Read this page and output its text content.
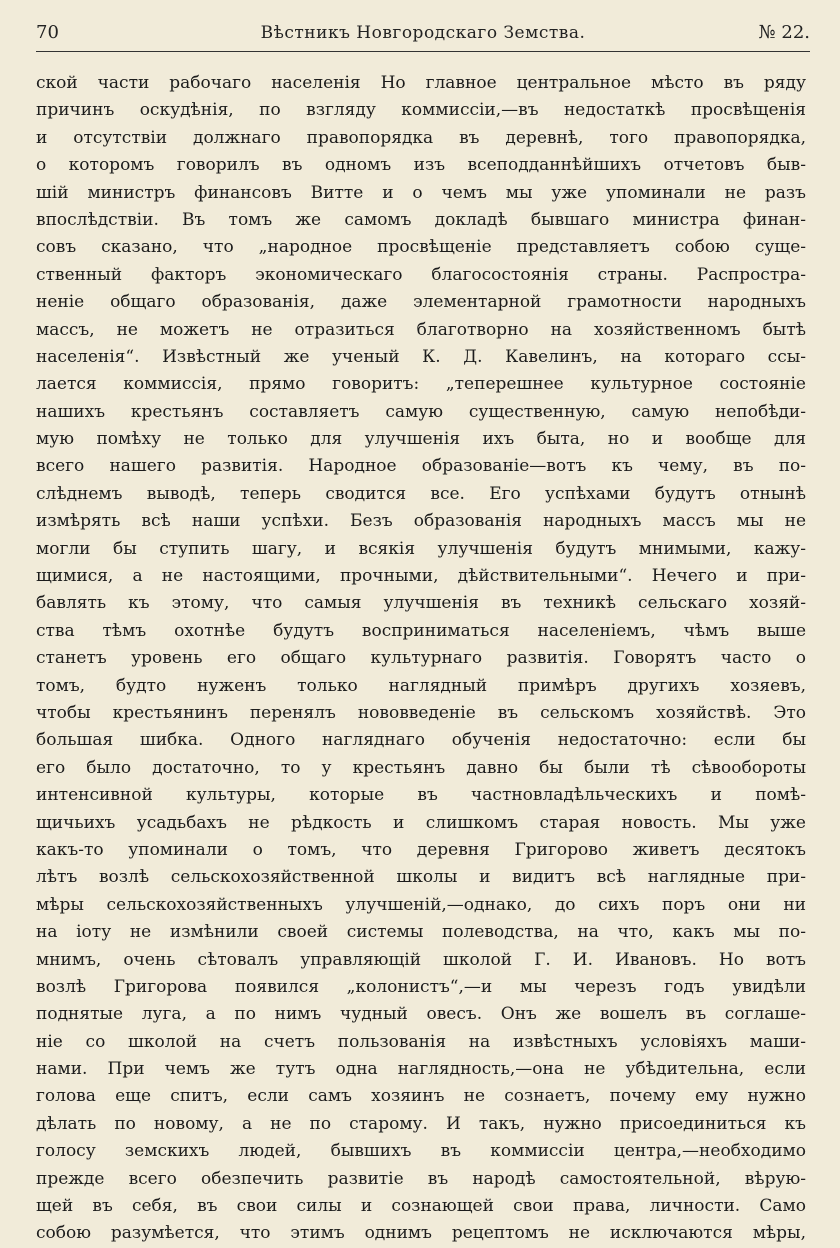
70	Вѣстникъ Новгородскаго Земства.	№ 22.
ской части рабочаго населенія Но главное центральное мѣсто въ ряду
причинъ оскудѣнія, по взгляду коммиссіи,—въ недостаткѣ просвѣщенія
и отсутствіи должнаго правопорядка въ деревнѣ, того правопорядка,
о которомъ говорилъ въ одномъ изъ всеподданнѣйшихъ отчетовъ быв-
шій министръ финансовъ Витте и о чемъ мы уже упоминали не разъ
впослѣдствіи. Въ томъ же самомъ докладѣ бывшаго министра финан-
совъ сказано, что „народное просвѣщеніе представляетъ собою суще-
ственный факторъ экономическаго благосостоянія страны. Распростра-
неніе общаго образованія, даже элементарной грамотности народныхъ
массъ, не можетъ не отразиться благотворно на хозяйственномъ бытѣ
населенія“. Извѣстный же ученый К. Д. Кавелинъ, на котораго ссы-
лается коммиссія, прямо говоритъ: „теперешнее культурное состояніе
нашихъ крестьянъ составляетъ самую существенную, самую непобѣди-
мую помѣху не только для улучшенія ихъ быта, но и вообще для
всего нашего развитія. Народное образованіе—вотъ къ чему, въ по-
слѣднемъ выводѣ, теперь сводится все. Его успѣхами будутъ отнынѣ
измѣрять всѣ наши успѣхи. Безъ образованія народныхъ массъ мы не
могли бы ступить шагу, и всякія улучшенія будутъ мнимыми, кажу-
щимися, а не настоящими, прочными, дѣйствительными“. Нечего и при-
бавлять къ этому, что самыя улучшенія въ техникѣ сельскаго хозяй-
ства тѣмъ охотнѣе будутъ восприниматься населеніемъ, чѣмъ выше
станетъ уровень его общаго культурнаго развитія. Говорятъ часто о
томъ, будто нуженъ только наглядный примѣръ другихъ хозяевъ,
чтобы крестьянинъ перенялъ нововведеніе въ сельскомъ хозяйствѣ. Это
большая шибка. Одного нагляднаго обученія недостаточно: если бы
его было достаточно, то у крестьянъ давно бы были тѣ сѣвообороты
интенсивной культуры, которые въ частновладѣльческихъ и помѣ-
щичьихъ усадьбахъ не рѣдкость и слишкомъ старая новость. Мы уже
какъ-то упоминали о томъ, что деревня Григорово живетъ десятокъ
лѣтъ возлѣ сельскохозяйственной школы и видитъ всѣ наглядные при-
мѣры сельскохозяйственныхъ улучшеній,—однако, до сихъ поръ они ни
на іоту не измѣнили своей системы полеводства, на что, какъ мы по-
мнимъ, очень сѣтовалъ управляющій школой Г. И. Ивановъ. Но вотъ
возлѣ Григорова появился „колонистъ“,—и мы черезъ годъ увидѣли
поднятые луга, а по нимъ чудный овесъ. Онъ же вошелъ въ соглаше-
ніе со школой на счетъ пользованія на извѣстныхъ условіяхъ маши-
нами. При чемъ же тутъ одна наглядность,—она не убѣдительна, если
голова еще спитъ, если самъ хозяинъ не сознаетъ, почему ему нужно
дѣлать по новому, а не по старому. И такъ, нужно присоединиться къ
голосу земскихъ людей, бывшихъ въ коммиссіи центра,—необходимо
прежде всего обезпечить развитіе въ народѣ самостоятельной, вѣрую-
щей въ себя, въ свои силы и сознающей свои права, личности. Само
собою разумѣется, что этимъ однимъ рецептомъ не исключаются мѣры,
